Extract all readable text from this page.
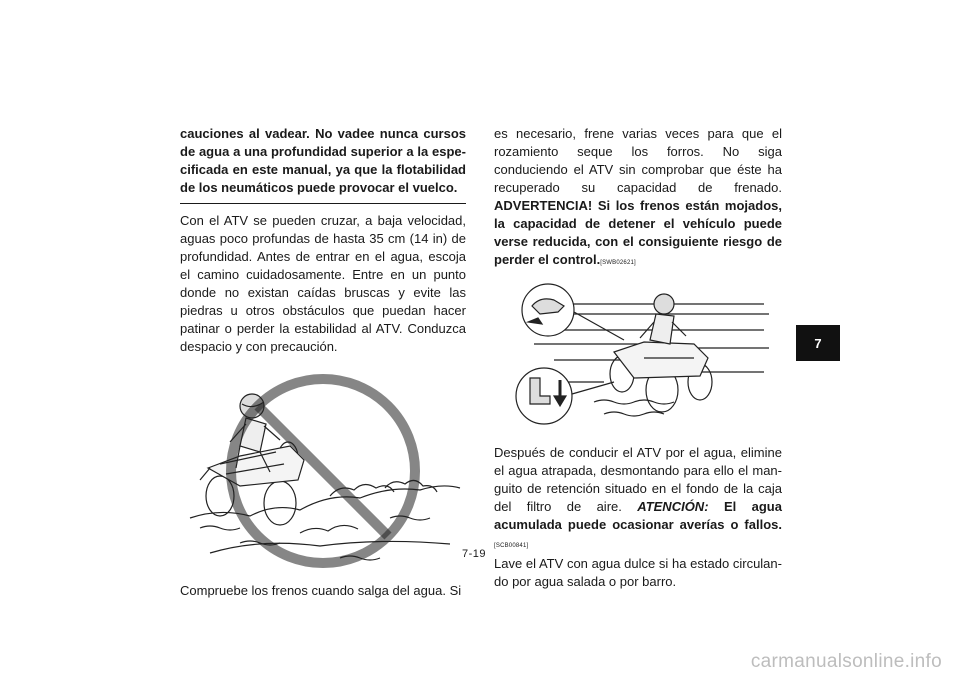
cauciones al vadear. No vadee nunca cursos de agua a una profundidad superior a la especificada en este manual, ya que la flotabilidad de los neumáticos puede provocar el vuelco.

Con el ATV se pueden cruzar, a baja velocidad, aguas poco profundas de hasta 35 cm (14 in) de profundidad. Antes de entrar en el agua, escoja el camino cuidadosamente. Entre en un punto donde no existan caídas bruscas y evite las piedras u otros obstáculos que puedan hacer patinar o perder la estabilidad al ATV. Conduzca despacio y con precaución.

Compruebe los frenos cuando salga del agua. Si

es necesario, frene varias veces para que el rozamiento seque los forros. No siga conduciendo el ATV sin comprobar que éste ha recuperado su capacidad de frenado. ADVERTENCIA! Si los frenos están mojados, la capacidad de detener el vehículo puede verse reducida, con el consiguiente riesgo de perder el control.[SWB02621]

Después de conducir el ATV por el agua, elimine el agua atrapada, desmontando para ello el manguito de retención situado en el fondo de la caja del filtro de aire. ATENCIÓN: El agua acumulada puede ocasionar averías o fallos.[SCB00841]

Lave el ATV con agua dulce si ha estado circulando por agua salada o por barro.

7-19
7
carmanualsonline.info
